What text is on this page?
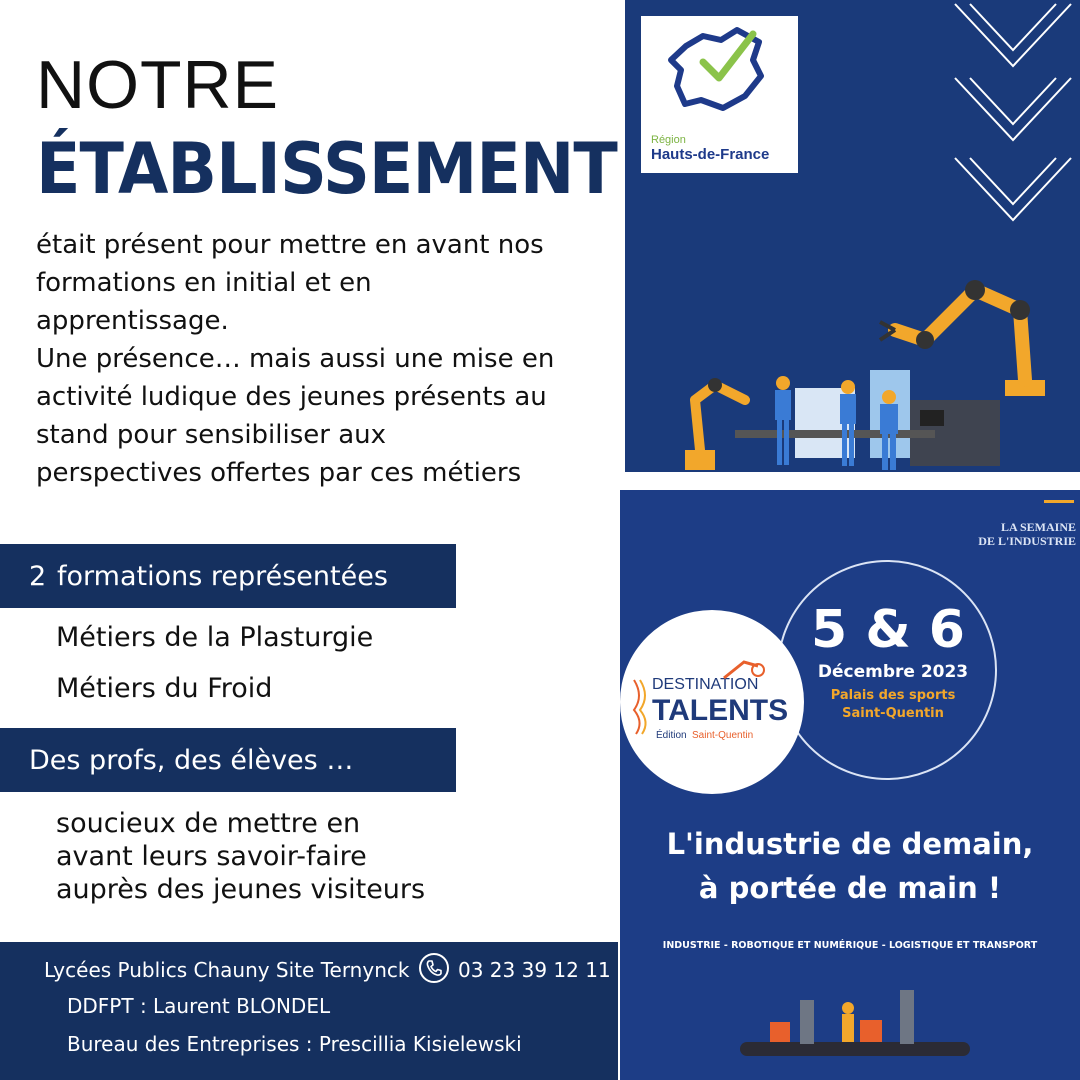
NOTRE
ÉTABLISSEMENT
était présent pour mettre en avant nos
formations en initial et en
apprentissage.
Une présence… mais aussi une mise en
activité ludique des jeunes présents au
stand pour sensibiliser aux
perspectives offertes par ces métiers
2 formations représentées
Métiers de la Plasturgie
Métiers du Froid
Des profs, des élèves …
soucieux de mettre en
avant leurs savoir-faire
auprès des jeunes visiteurs
Lycées Publics Chauny Site Ternynck 03 23 39 12 11
DDFPT : Laurent BLONDEL
Bureau des Entreprises : Prescillia Kisielewski
Région
Hauts-de-France
LA SEMAINE
DE L'INDUSTRIE
5 & 6
Décembre 2023
Palais des sports
Saint-Quentin
DESTINATION
TALENTS
Édition Saint-Quentin
L'industrie de demain,
à portée de main !
INDUSTRIE - ROBOTIQUE ET NUMÉRIQUE - LOGISTIQUE ET TRANSPORT
